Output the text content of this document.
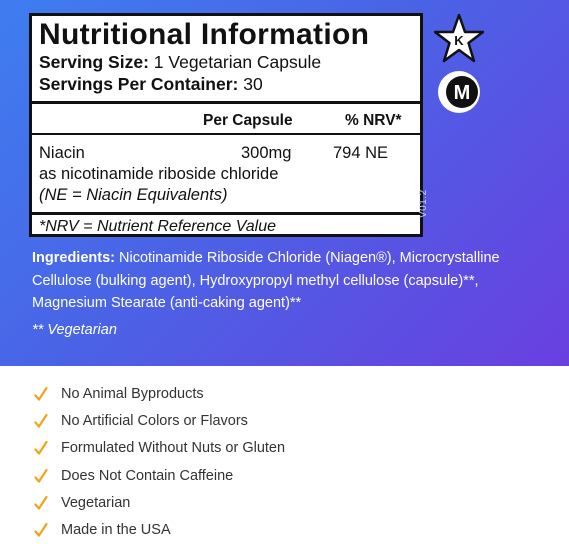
Nutritional Information
Serving Size: 1 Vegetarian Capsule
Servings Per Container: 30
Per Capsule	% NRV*
Niacin	300mg	794 NE
as nicotinamide riboside chloride
(NE = Niacin Equivalents)
*NRV = Nutrient Reference Value
V01.2
K
M
Ingredients: Nicotinamide Riboside Chloride (Niagen®), Microcrystalline Cellulose (bulking agent), Hydroxypropyl methyl cellulose (capsule)**, Magnesium Stearate (anti-caking agent)**
** Vegetarian
No Animal Byproducts
No Artificial Colors or Flavors
Formulated Without Nuts or Gluten
Does Not Contain Caffeine
Vegetarian
Made in the USA
